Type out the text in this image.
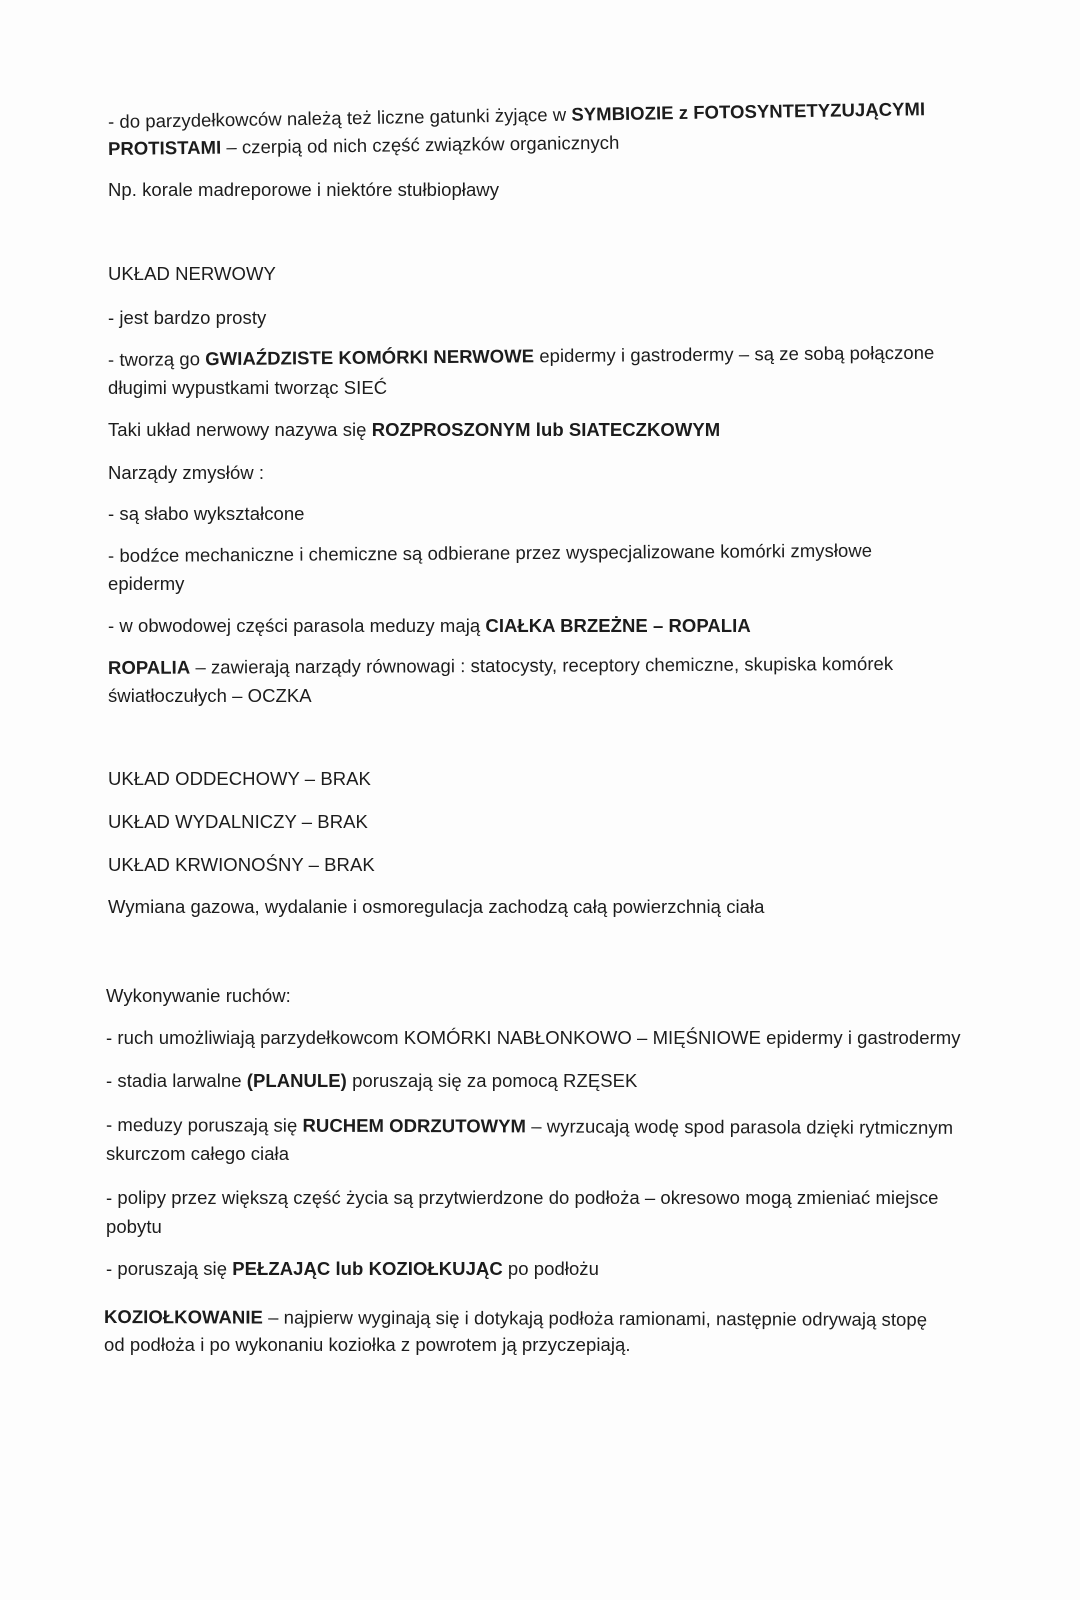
- do parzydełkowców należą też liczne gatunki żyjące w SYMBIOZIE z FOTOSYNTETYZUJĄCYMI
PROTISTAMI – czerpią od nich część związków organicznych
Np. korale madreporowe i niektóre stułbiopławy
UKŁAD NERWOWY
- jest bardzo prosty
- tworzą go GWIAŹDZISTE KOMÓRKI NERWOWE epidermy i gastrodermy – są ze sobą połączone
długimi wypustkami tworząc SIEĆ
Taki układ nerwowy nazywa się ROZPROSZONYM lub SIATECZKOWYM
Narządy zmysłów :
- są słabo wykształcone
- bodźce mechaniczne i chemiczne są odbierane przez wyspecjalizowane komórki zmysłowe
epidermy
- w obwodowej części parasola meduzy mają CIAŁKA BRZEŻNE – ROPALIA
ROPALIA – zawierają narządy równowagi : statocysty, receptory chemiczne, skupiska komórek
światłoczułych – OCZKA
UKŁAD ODDECHOWY – BRAK
UKŁAD WYDALNICZY – BRAK
UKŁAD KRWIONOŚNY – BRAK
Wymiana gazowa, wydalanie i osmoregulacja zachodzą całą powierzchnią ciała
Wykonywanie ruchów:
- ruch umożliwiają parzydełkowcom KOMÓRKI NABŁONKOWO – MIĘŚNIOWE epidermy i gastrodermy
- stadia larwalne (PLANULE) poruszają się za pomocą RZĘSEK
- meduzy poruszają się RUCHEM ODRZUTOWYM – wyrzucają wodę spod parasola dzięki rytmicznym
skurczom całego ciała
- polipy przez większą część życia są przytwierdzone do podłoża – okresowo mogą zmieniać miejsce
pobytu
- poruszają się PEŁZAJĄC lub KOZIOŁKUJĄC po podłożu
KOZIOŁKOWANIE – najpierw wyginają się i dotykają podłoża ramionami, następnie odrywają stopę
od podłoża i po wykonaniu koziołka z powrotem ją przyczepiają.
